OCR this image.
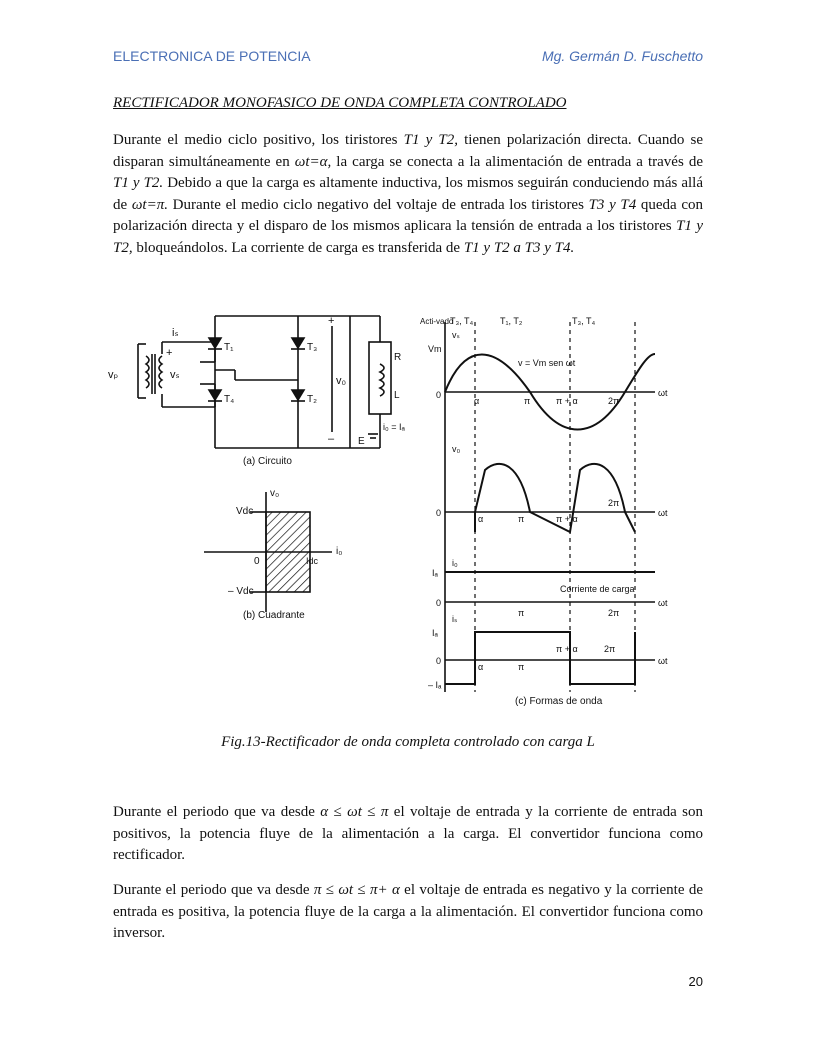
ELECTRONICA DE POTENCIA	Mg. Germán D. Fuschetto
RECTIFICADOR MONOFASICO DE ONDA COMPLETA CONTROLADO
Durante el medio ciclo positivo, los tiristores T1 y T2, tienen polarización directa. Cuando se disparan simultáneamente en ωt=α, la carga se conecta a la alimentación de entrada a través de T1 y T2. Debido a que la carga es altamente inductiva, los mismos seguirán conduciendo más allá de ωt=π. Durante el medio ciclo negativo del voltaje de entrada los tiristores T3 y T4 queda con polarización directa y el disparo de los mismos aplicara la tensión de entrada a los tiristores T1 y T2, bloqueándolos. La corriente de carga es transferida de T1 y T2 a T3 y T4.
iₛ
vₚ	vₛ
+	T₁
T₄
T₃
T₂
+
v₀
–
R
L
E
i₀ = Iₐ
(a) Circuito
v₀
Vdc
0	Idc
i₀
– Vdc
(b) Cuadrante
Acti-vado
T₃, T₄	T₁, T₂	T₃, T₄
Vm
vₛ
v = Vm sen ωt
0
α	π	π + α	2π
ωt
v₀
0
α	π	π + α
2π
ωt
i₀
Iₐ
Corriente de carga
0
π	2π
ωt
iₛ
Iₐ
0
α	π
π + α	2π
ωt
– Iₐ
(c) Formas de onda
Fig.13-Rectificador de onda completa controlado con carga L
Durante el periodo que va desde α ≤ ωt ≤ π el voltaje de entrada y la corriente de entrada son positivos, la potencia fluye de la alimentación a la carga. El convertidor funciona como rectificador.
Durante el periodo que va desde π ≤ ωt ≤ π+ α el voltaje de entrada es negativo y la corriente de entrada es positiva, la potencia fluye de la carga a la alimentación. El convertidor funciona como inversor.
20
